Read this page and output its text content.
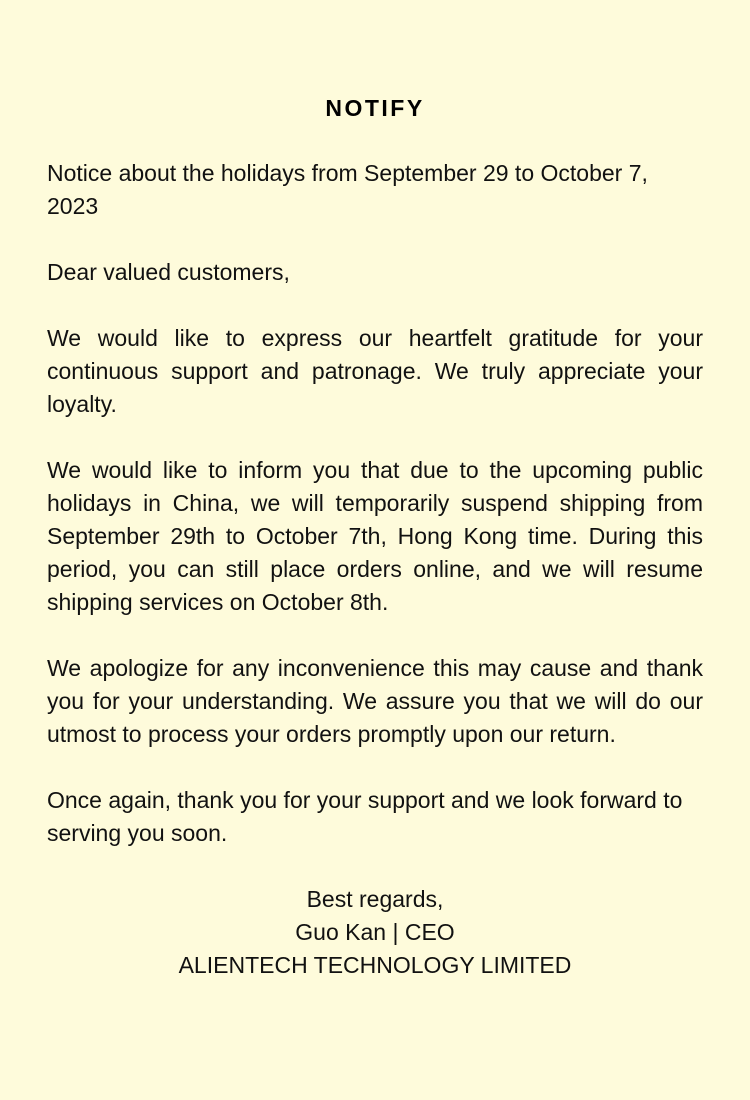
NOTIFY

Notice about the holidays from September 29 to October 7, 2023

Dear valued customers,

We would like to express our heartfelt gratitude for your continuous support and patronage. We truly appreciate your loyalty.

We would like to inform you that due to the upcoming public holidays in China, we will temporarily suspend shipping from September 29th to October 7th, Hong Kong time. During this period, you can still place orders online, and we will resume shipping services on October 8th.

We apologize for any inconvenience this may cause and thank you for your understanding. We assure you that we will do our utmost to process your orders promptly upon our return.

Once again, thank you for your support and we look forward to serving you soon.

Best regards,
Guo Kan | CEO
ALIENTECH TECHNOLOGY LIMITED
